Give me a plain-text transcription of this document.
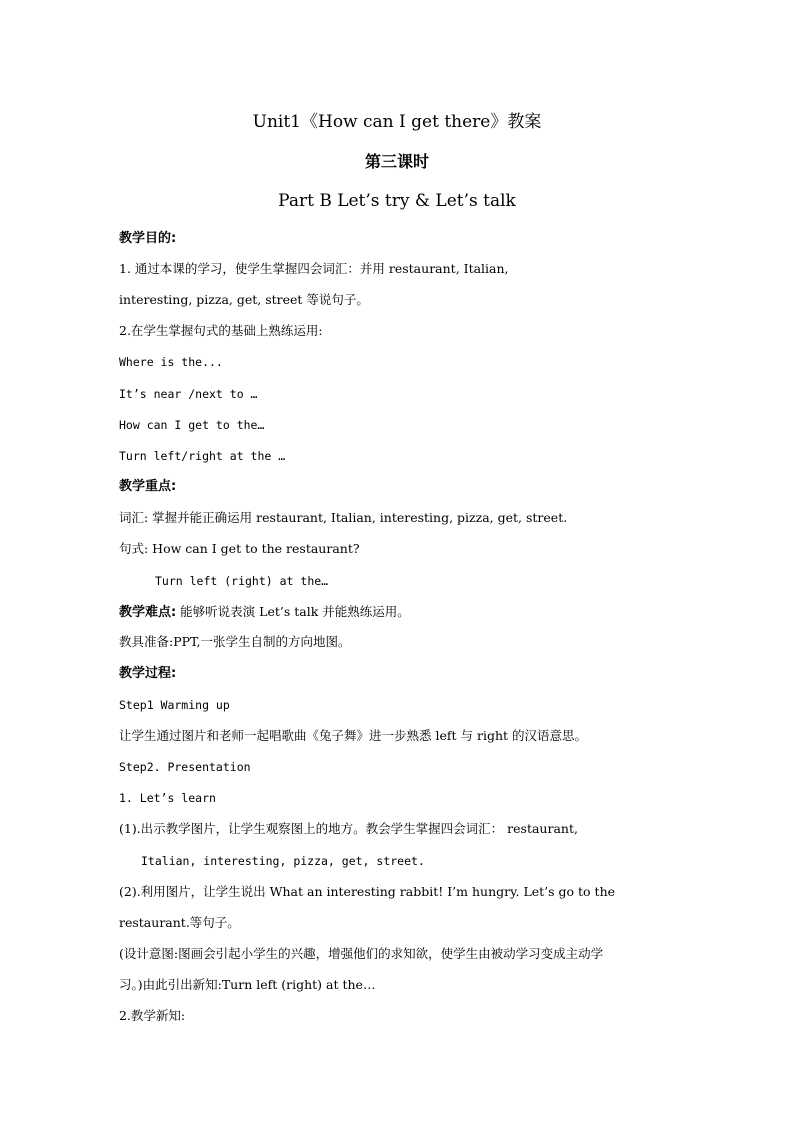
Unit1《How can I get there》教案
第三课时
Part B Let’s try & Let’s talk
教学目的:
1. 通过本课的学习，使学生掌握四会词汇：并用 restaurant, Italian,
interesting, pizza, get, street 等说句子。
2.在学生掌握句式的基础上熟练运用:
Where is the...
It’s near /next to …
How can I get to the…
Turn left/right at the …
教学重点:
词汇: 掌握并能正确运用 restaurant, Italian, interesting, pizza, get, street.
句式: How can I get to the restaurant?
Turn left (right) at the…
教学难点: 能够听说表演 Let’s talk 并能熟练运用。
教具准备:PPT,一张学生自制的方向地图。
教学过程:
Step1 Warming up
让学生通过图片和老师一起唱歌曲《兔子舞》进一步熟悉 left 与 right 的汉语意思。
Step2. Presentation
1. Let’s learn
(1).出示教学图片，让学生观察图上的地方。教会学生掌握四会词汇： restaurant,
Italian, interesting, pizza, get, street.
(2).利用图片，让学生说出 What an interesting rabbit! I’m hungry. Let’s go to the
restaurant.等句子。
(设计意图:图画会引起小学生的兴趣，增强他们的求知欲，使学生由被动学习变成主动学
习。)由此引出新知:Turn left (right) at the…
2.教学新知:
